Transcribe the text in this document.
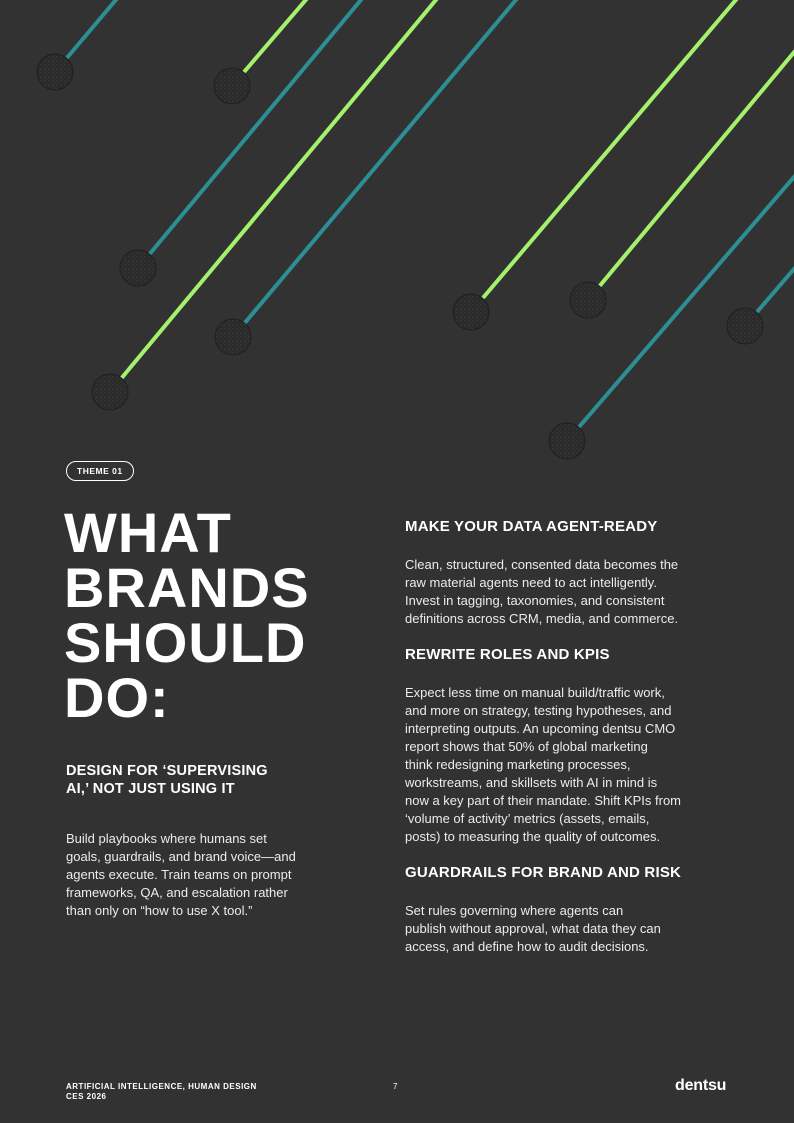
THEME 01
WHAT
BRANDS
SHOULD
DO:
DESIGN FOR ‘SUPERVISING
AI,’ NOT JUST USING IT

Build playbooks where humans set
goals, guardrails, and brand voice—and
agents execute. Train teams on prompt
frameworks, QA, and escalation rather
than only on “how to use X tool.”

MAKE YOUR DATA AGENT-READY

Clean, structured, consented data becomes the
raw material agents need to act intelligently.
Invest in tagging, taxonomies, and consistent
definitions across CRM, media, and commerce.

REWRITE ROLES AND KPIS

Expect less time on manual build/traffic work,
and more on strategy, testing hypotheses, and
interpreting outputs. An upcoming dentsu CMO
report shows that 50% of global marketing
think redesigning marketing processes,
workstreams, and skillsets with AI in mind is
now a key part of their mandate. Shift KPIs from
‘volume of activity’ metrics (assets, emails,
posts) to measuring the quality of outcomes.

GUARDRAILS FOR BRAND AND RISK

Set rules governing where agents can
publish without approval, what data they can
access, and define how to audit decisions.

ARTIFICIAL INTELLIGENCE, HUMAN DESIGN
CES 2026
7	dentsu
